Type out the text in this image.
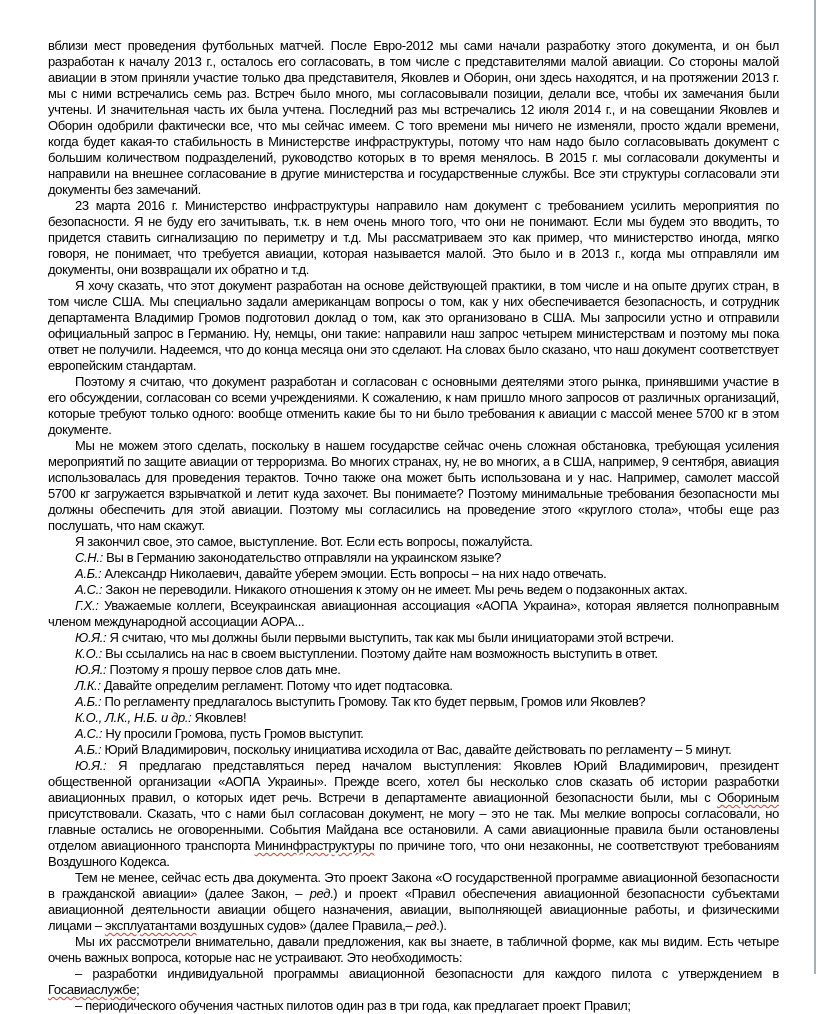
вблизи мест проведения футбольных матчей. После Евро-2012 мы сами начали разработку этого документа, и он был разработан к началу 2013 г., осталось его согласовать, в том числе с представителями малой авиации. Со стороны малой авиации в этом приняли участие только два представителя, Яковлев и Оборин, они здесь находятся, и на протяжении 2013 г. мы с ними встречались семь раз. Встреч было много, мы согласовывали позиции, делали все, чтобы их замечания были учтены. И значительная часть их была учтена. Последний раз мы встречались 12 июля 2014 г., и на совещании Яковлев и Оборин одобрили фактически все, что мы сейчас имеем. С того времени мы ничего не изменяли, просто ждали времени, когда будет какая-то стабильность в Министерстве инфраструктуры, потому что нам надо было согласовывать документ с большим количеством подразделений, руководство которых в то время менялось. В 2015 г. мы согласовали документы и направили на внешнее согласование в другие министерства и государственные службы. Все эти структуры согласовали эти документы без замечаний.

23 марта 2016 г. Министерство инфраструктуры направило нам документ с требованием усилить мероприятия по безопасности. Я не буду его зачитывать, т.к. в нем очень много того, что они не понимают. Если мы будем это вводить, то придется ставить сигнализацию по периметру и т.д. Мы рассматриваем это как пример, что министерство иногда, мягко говоря, не понимает, что требуется авиации, которая называется малой. Это было и в 2013 г., когда мы отправляли им документы, они возвращали их обратно и т.д.

Я хочу сказать, что этот документ разработан на основе действующей практики, в том числе и на опыте других стран, в том числе США. Мы специально задали американцам вопросы о том, как у них обеспечивается безопасность, и сотрудник департамента Владимир Громов подготовил доклад о том, как это организовано в США. Мы запросили устно и отправили официальный запрос в Германию. Ну, немцы, они такие: направили наш запрос четырем министерствам и поэтому мы пока ответ не получили. Надеемся, что до конца месяца они это сделают. На словах было сказано, что наш документ соответствует европейским стандартам.

Поэтому я считаю, что документ разработан и согласован с основными деятелями этого рынка, принявшими участие в его обсуждении, согласован со всеми учреждениями. К сожалению, к нам пришло много запросов от различных организаций, которые требуют только одного: вообще отменить какие бы то ни было требования к авиации с массой менее 5700 кг в этом документе.

Мы не можем этого сделать, поскольку в нашем государстве сейчас очень сложная обстановка, требующая усиления мероприятий по защите авиации от терроризма. Во многих странах, ну, не во многих, а в США, например, 9 сентября, авиация использовалась для проведения терактов. Точно также она может быть использована и у нас. Например, самолет массой 5700 кг загружается взрывчаткой и летит куда захочет. Вы понимаете? Поэтому минимальные требования безопасности мы должны обеспечить для этой авиации. Поэтому мы согласились на проведение этого «круглого стола», чтобы еще раз послушать, что нам скажут.

Я закончил свое, это самое, выступление. Вот. Если есть вопросы, пожалуйста.

С.Н.: Вы в Германию законодательство отправляли на украинском языке?

А.Б.: Александр Николаевич, давайте уберем эмоции. Есть вопросы – на них надо отвечать.

А.С.: Закон не переводили. Никакого отношения к этому он не имеет. Мы речь ведем о подзаконных актах.

Г.Х.: Уважаемые коллеги, Всеукраинская авиационная ассоциация «АОПА Украина», которая является полноправным членом международной ассоциации AOPA...

Ю.Я.: Я считаю, что мы должны были первыми выступить, так как мы были инициаторами этой встречи.

К.О.: Вы ссылались на нас в своем выступлении. Поэтому дайте нам возможность выступить в ответ.

Ю.Я.: Поэтому я прошу первое слов дать мне.

Л.К.: Давайте определим регламент. Потому что идет подтасовка.

А.Б.: По регламенту предлагалось выступить Громову. Так кто будет первым, Громов или Яковлев?

К.О., Л.К., Н.Б. и др.: Яковлев!

А.С.: Ну просили Громова, пусть Громов выступит.

А.Б.: Юрий Владимирович, поскольку инициатива исходила от Вас, давайте действовать по регламенту – 5 минут.

Ю.Я.: Я предлагаю представляться перед началом выступления: Яковлев Юрий Владимирович, президент общественной организации «АОПА Украины». Прежде всего, хотел бы несколько слов сказать об истории разработки авиационных правил, о которых идет речь. Встречи в департаменте авиационной безопасности были, мы с Обориным присутствовали. Сказать, что с нами был согласован документ, не могу – это не так. Мы мелкие вопросы согласовали, но главные остались не оговоренными. События Майдана все остановили. А сами авиационные правила были остановлены отделом авиационного транспорта Мининфраструктуры по причине того, что они незаконны, не соответствуют требованиям Воздушного Кодекса.

Тем не менее, сейчас есть два документа. Это проект Закона «О государственной программе авиационной безопасности в гражданской авиации» (далее Закон, – ред.) и проект «Правил обеспечения авиационной безопасности субъектами авиационной деятельности авиации общего назначения, авиации, выполняющей авиационные работы, и физическими лицами – эксплуатантами воздушных судов» (далее Правила,– ред.).

Мы их рассмотрели внимательно, давали предложения, как вы знаете, в табличной форме, как мы видим. Есть четыре очень важных вопроса, которые нас не устраивают. Это необходимость:

– разработки индивидуальной программы авиационной безопасности для каждого пилота с утверждением в Госавиаслужбе;

– периодического обучения частных пилотов один раз в три года, как предлагает проект Правил;
